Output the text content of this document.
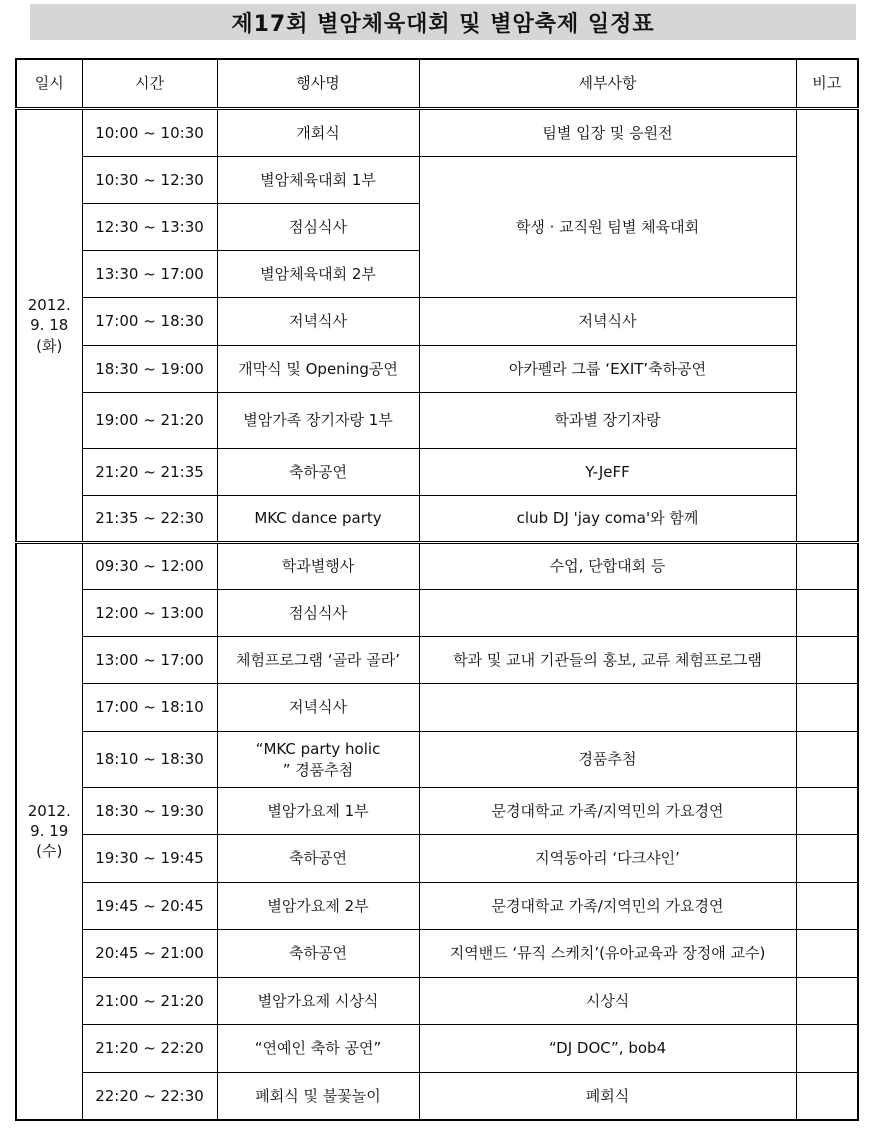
제17회 별암체육대회 및 별암축제 일정표
일시	시간	행사명	세부사항	비고

2012.
9. 18
(화)	10:00 ~ 10:30	개회식	팀별 입장 및 응원전	
	10:30 ~ 12:30	별암체육대회 1부	학생 · 교직원 팀별 체육대회	
	12:30 ~ 13:30	점심식사		
	13:30 ~ 17:00	별암체육대회 2부		
	17:00 ~ 18:30	저녁식사	저녁식사	
	18:30 ~ 19:00	개막식 및 Opening공연	아카펠라 그룹 ‘EXIT’축하공연	
	19:00 ~ 21:20	별암가족 장기자랑 1부	학과별 장기자랑	
	21:20 ~ 21:35	축하공연	Y-JeFF	
	21:35 ~ 22:30	MKC dance party	club DJ 'jay coma'와 함께	

2012.
9. 19
(수)	09:30 ~ 12:00	학과별행사	수업, 단합대회 등	
	12:00 ~ 13:00	점심식사		
	13:00 ~ 17:00	체험프로그램 ‘골라 골라’	학과 및 교내 기관들의 홍보, 교류 체험프로그램	
	17:00 ~ 18:10	저녁식사		
	18:10 ~ 18:30	“MKC party holic
” 경품추첨	경품추첨	
	18:30 ~ 19:30	별암가요제 1부	문경대학교 가족/지역민의 가요경연	
	19:30 ~ 19:45	축하공연	지역동아리 ‘다크샤인’	
	19:45 ~ 20:45	별암가요제 2부	문경대학교 가족/지역민의 가요경연	
	20:45 ~ 21:00	축하공연	지역밴드 ‘뮤직 스케치’(유아교육과 장정애 교수)	
	21:00 ~ 21:20	별암가요제 시상식	시상식	
	21:20 ~ 22:20	“연예인 축하 공연”	“DJ DOC”, bob4	
	22:20 ~ 22:30	폐회식 및 불꽃놀이	폐회식	
